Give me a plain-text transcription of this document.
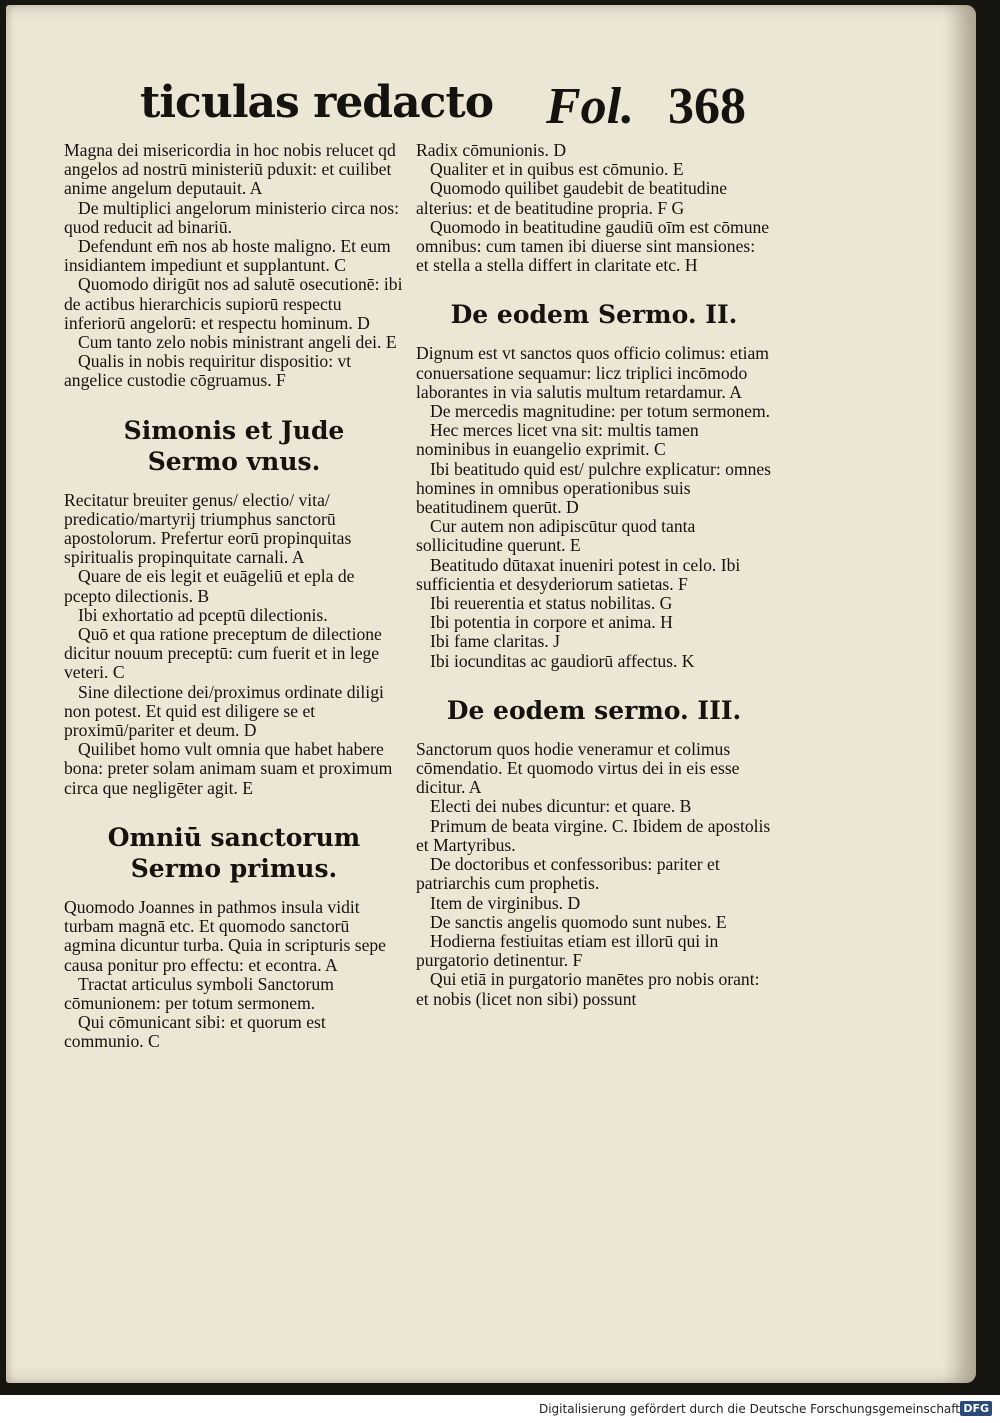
ticulas redacto Fol. 368

Magna dei misericordia in hoc nobis relucet qd angelos ad nostrū ministeriū pduxit: et cuilibet anime angelum deputauit. A

De multiplici angelorum ministerio circa nos: quod reducit ad binariū.

Defendunt em̄ nos ab hoste maligno. Et eum insidiantem impediunt et supplantunt. C

Quomodo dirigūt nos ad salutē osecutionē: ibi de actibus hierarchicis supiorū respectu inferiorū angelorū: et respectu hominum. D

Cum tanto zelo nobis ministrant angeli dei. E

Qualis in nobis requiritur dispositio: vt angelice custodie cōgruamus. F

Simonis et Jude
Sermo vnus.

Recitatur breuiter genus/ electio/ vita/ predicatio/martyrij triumphus sanctorū apostolorum. Prefertur eorū propinquitas spiritualis propinquitate carnali. A

Quare de eis legit et euāgeliū et epla de pcepto dilectionis. B

Ibi exhortatio ad pceptū dilectionis.

Quō et qua ratione preceptum de dilectione dicitur nouum preceptū: cum fuerit et in lege veteri. C

Sine dilectione dei/proximus ordinate diligi non potest. Et quid est diligere se et proximū/pariter et deum. D

Quilibet homo vult omnia que habet habere bona: preter solam animam suam et proximum circa que negligēter agit. E

Omniū sanctorum
Sermo primus.

Quomodo Joannes in pathmos insula vidit turbam magnā etc. Et quomodo sanctorū agmina dicuntur turba. Quia in scripturis sepe causa ponitur pro effectu: et econtra. A

Tractat articulus symboli Sanctorum cōmunionem: per totum sermonem.

Qui cōmunicant sibi: et quorum est communio. C

Radix cōmunionis. D

Qualiter et in quibus est cōmunio. E

Quomodo quilibet gaudebit de beatitudine alterius: et de beatitudine propria. F G

Quomodo in beatitudine gaudiū oīm est cōmune omnibus: cum tamen ibi diuerse sint mansiones: et stella a stella differt in claritate etc. H

De eodem Sermo. II.

Dignum est vt sanctos quos officio colimus: etiam conuersatione sequamur: licz triplici incōmodo laborantes in via salutis multum retardamur. A

De mercedis magnitudine: per totum sermonem.

Hec merces licet vna sit: multis tamen nominibus in euangelio exprimit. C

Ibi beatitudo quid est/ pulchre explicatur: omnes homines in omnibus operationibus suis beatitudinem querūt. D

Cur autem non adipiscūtur quod tanta sollicitudine querunt. E

Beatitudo dūtaxat inueniri potest in celo. Ibi sufficientia et desyderiorum satietas. F

Ibi reuerentia et status nobilitas. G

Ibi potentia in corpore et anima. H

Ibi fame claritas. J

Ibi iocunditas ac gaudiorū affectus. K

De eodem sermo. III.

Sanctorum quos hodie veneramur et colimus cōmendatio. Et quomodo virtus dei in eis esse dicitur. A

Electi dei nubes dicuntur: et quare. B

Primum de beata virgine. C. Ibidem de apostolis et Martyribus.

De doctoribus et confessoribus: pariter et patriarchis cum prophetis.

Item de virginibus. D

De sanctis angelis quomodo sunt nubes. E

Hodierna festiuitas etiam est illorū qui in purgatorio detinentur. F

Qui etiā in purgatorio manētes pro nobis orant: et nobis (licet non sibi) possunt

Digitalisierung gefördert durch die Deutsche Forschungsgemeinschaft DFG
